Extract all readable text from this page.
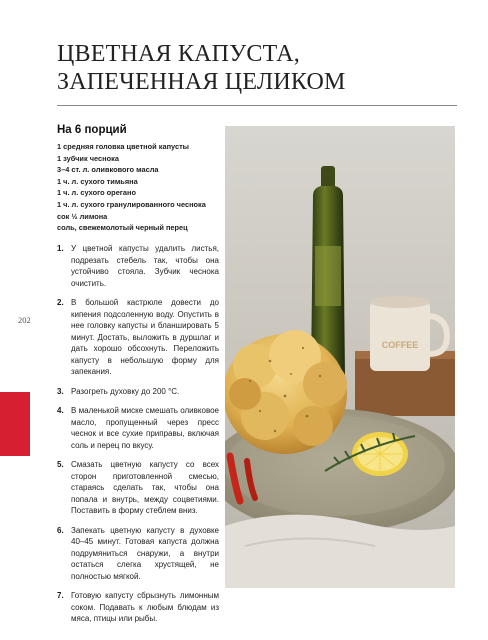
ЦВЕТНАЯ КАПУСТА, ЗАПЕЧЕННАЯ ЦЕЛИКОМ
На 6 порций
1 средняя головка цветной капусты
1 зубчик чеснока
3–4 ст. л. оливкового масла
1 ч. л. сухого тимьяна
1 ч. л. сухого орегано
1 ч. л. сухого гранулированного чеснока
сок ½ лимона
соль, свежемолотый черный перец
1. У цветной капусты удалить листья, подрезать стебель так, чтобы она устойчиво стояла. Зубчик чеснока очистить.
2. В большой кастрюле довести до кипения подсоленную воду. Опустить в нее головку капусты и бланшировать 5 минут. Достать, выложить в дуршлаг и дать хорошо обсохнуть. Переложить капусту в небольшую форму для запекания.
3. Разогреть духовку до 200 °С.
4. В маленькой миске смешать оливковое масло, пропущенный через пресс чеснок и все сухие приправы, включая соль и перец по вкусу.
5. Смазать цветную капусту со всех сторон приготовленной смесью, стараясь сделать так, чтобы она попала и внутрь, между соцветиями. Поставить в форму стеблем вниз.
6. Запекать цветную капусту в духовке 40–45 минут. Готовая капуста должна подрумяниться снаружи, а внутри остаться слегка хрустящей, не полностью мягкой.
7. Готовую капусту сбрызнуть лимонным соком. Подавать к любым блюдам из мяса, птицы или рыбы.
202
COFFEE
